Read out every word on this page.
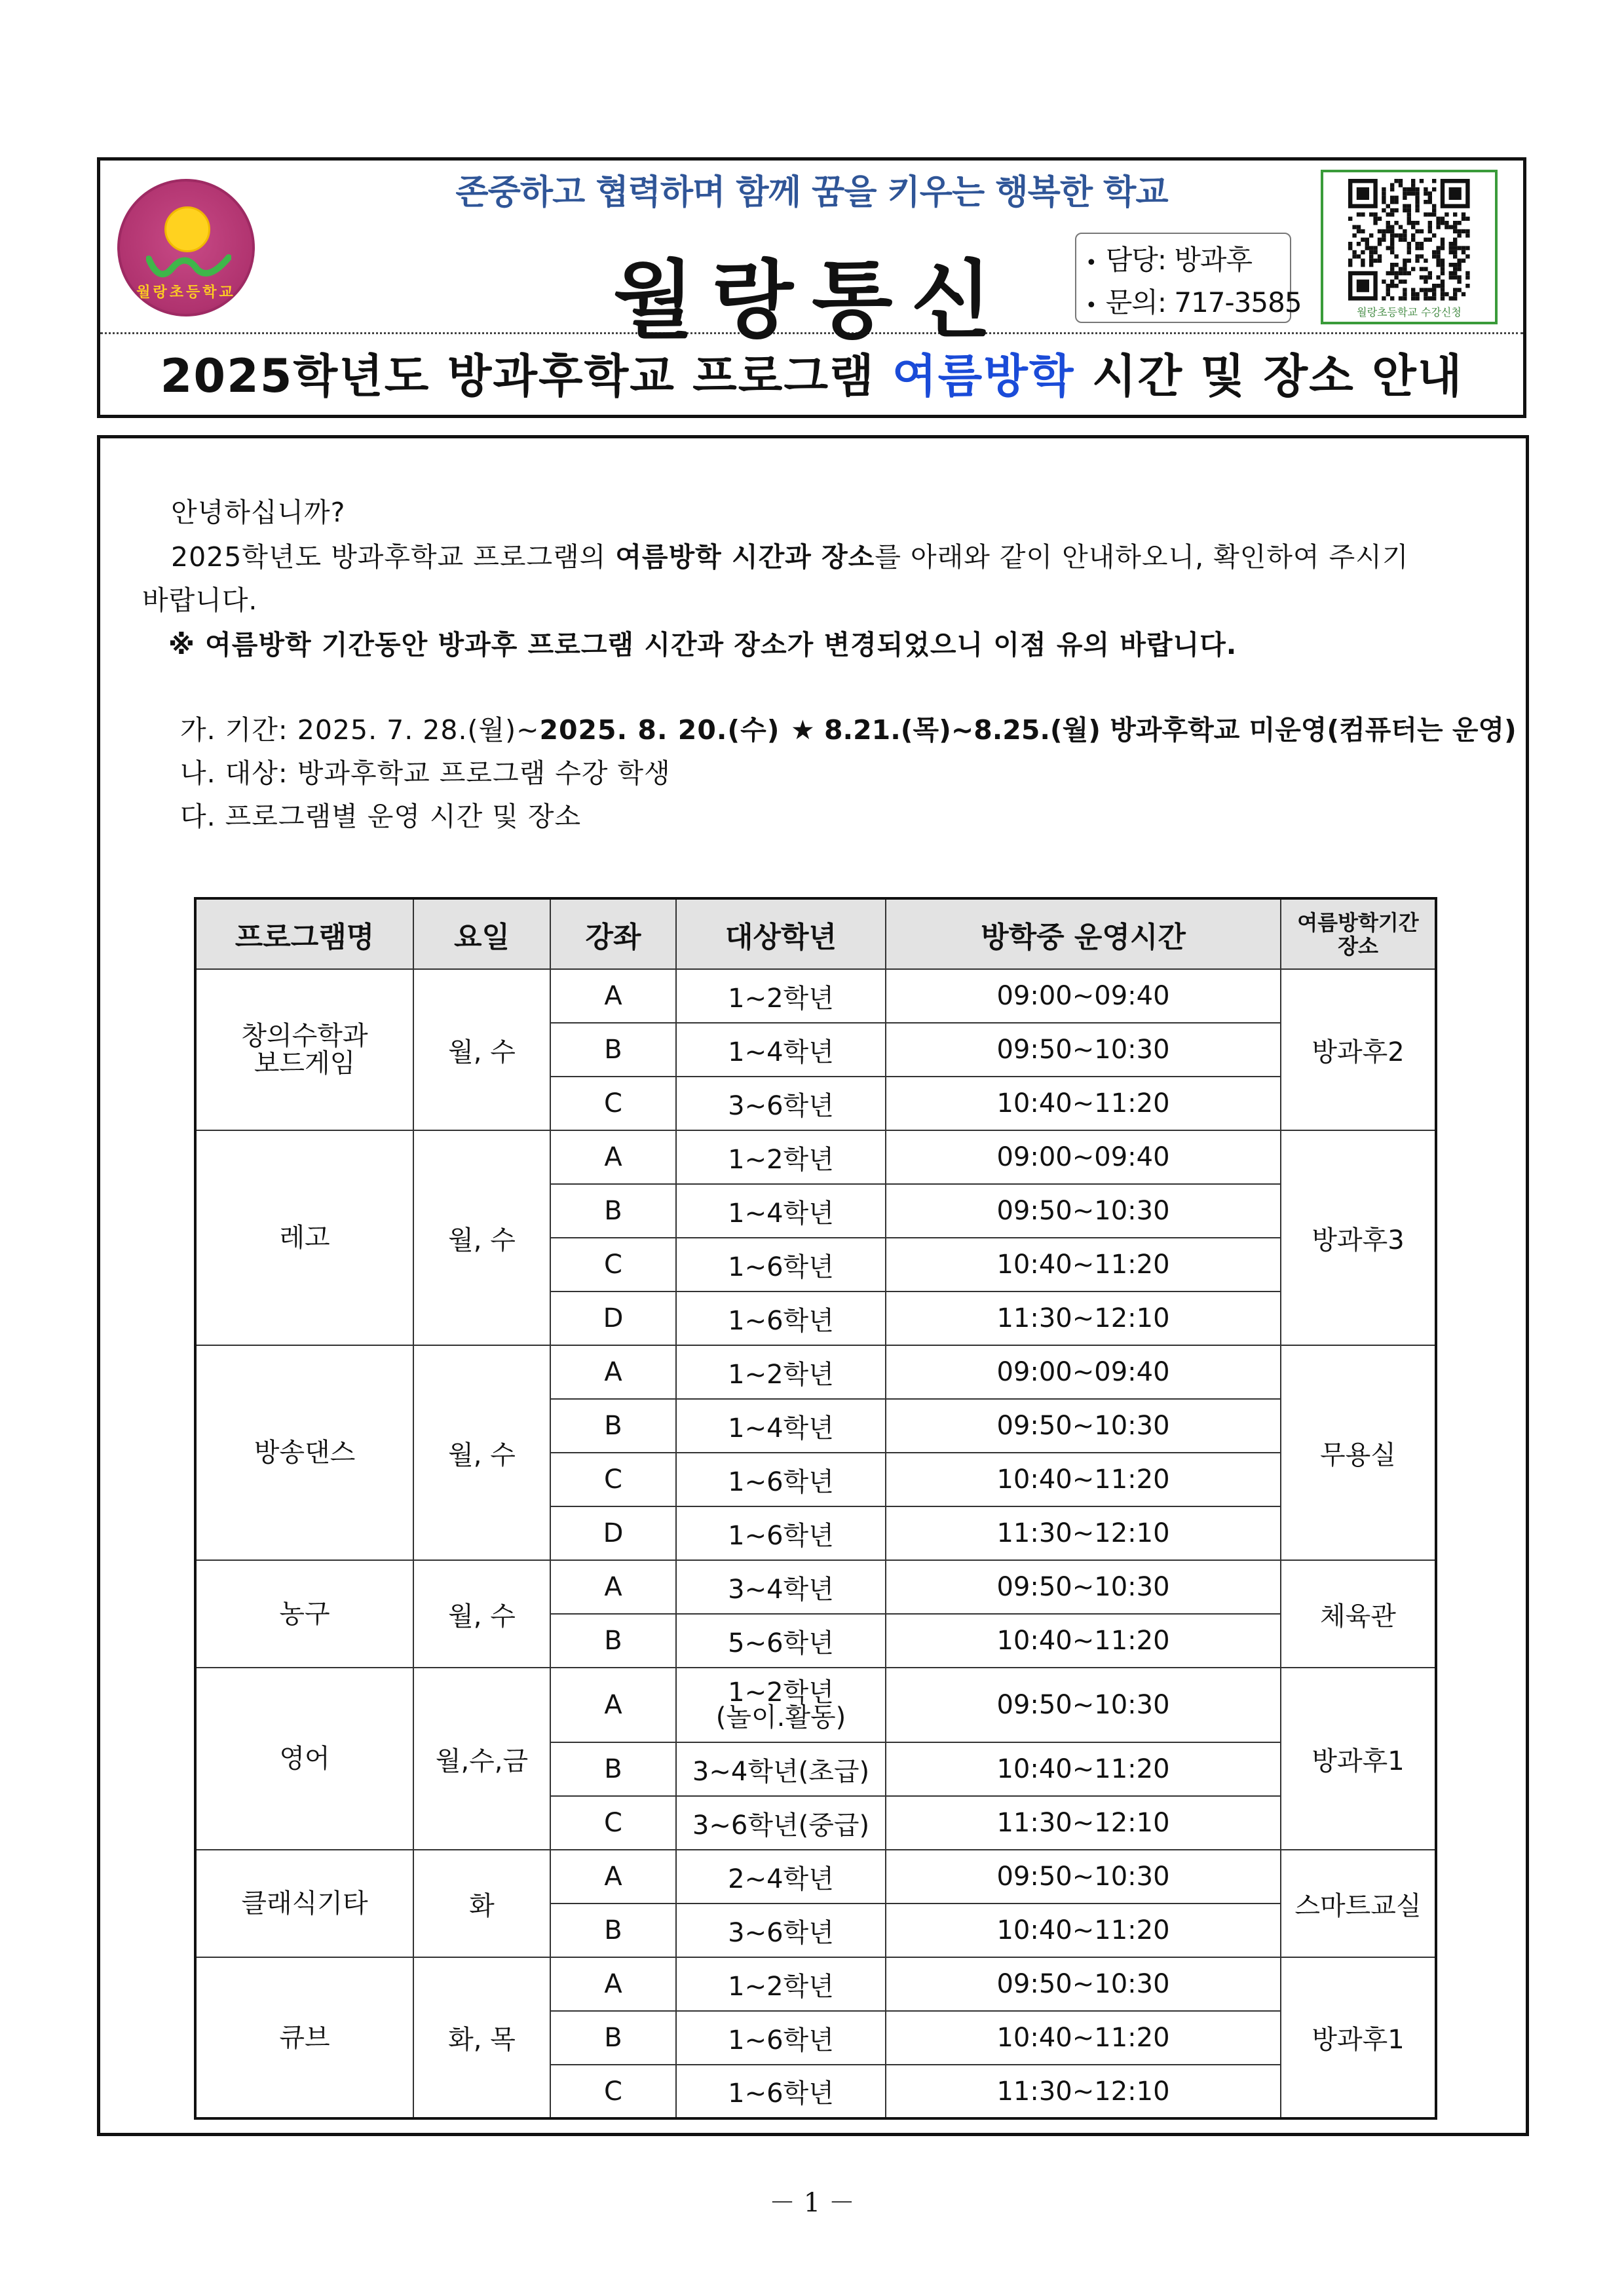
월랑초등학교
존중하고 협력하며 함께 꿈을 키우는 행복한 학교
월랑통신	• 담당: 방과후
• 문의: 717-3585	월랑초등학교 수강신청
2025학년도 방과후학교 프로그램 여름방학 시간 및 장소 안내
안녕하십니까?
2025학년도 방과후학교 프로그램의 여름방학 시간과 장소를 아래와 같이 안내하오니, 확인하여 주시기
바랍니다.
※ 여름방학 기간동안 방과후 프로그램 시간과 장소가 변경되었으니 이점 유의 바랍니다.
가. 기간: 2025. 7. 28.(월)~2025. 8. 20.(수) ★ 8.21.(목)~8.25.(월) 방과후학교 미운영(컴퓨터는 운영)
나. 대상: 방과후학교 프로그램 수강 학생
다. 프로그램별 운영 시간 및 장소
프로그램명	요일	강좌	대상학년	방학중 운영시간	여름방학기간
장소

창의수학과
보드게임	월, 수	A	1~2학년	09:00~09:40	방과후2
		B	1~4학년	09:50~10:30	
		C	3~6학년	10:40~11:20	

레고	월, 수	A	1~2학년	09:00~09:40	방과후3
		B	1~4학년	09:50~10:30	
		C	1~6학년	10:40~11:20	
		D	1~6학년	11:30~12:10	

방송댄스	월, 수	A	1~2학년	09:00~09:40	무용실
		B	1~4학년	09:50~10:30	
		C	1~6학년	10:40~11:20	
		D	1~6학년	11:30~12:10	

농구	월, 수	A	3~4학년	09:50~10:30	체육관
		B	5~6학년	10:40~11:20	

영어	월,수,금	A	1~2학년
(놀이.활동)	09:50~10:30	방과후1
		B	3~4학년(초급)	10:40~11:20	
		C	3~6학년(중급)	11:30~12:10	

클래식기타	화	A	2~4학년	09:50~10:30	스마트교실
		B	3~6학년	10:40~11:20	

큐브	화, 목	A	1~2학년	09:50~10:30	방과후1
		B	1~6학년	10:40~11:20	
		C	1~6학년	11:30~12:10	
－ 1 －
